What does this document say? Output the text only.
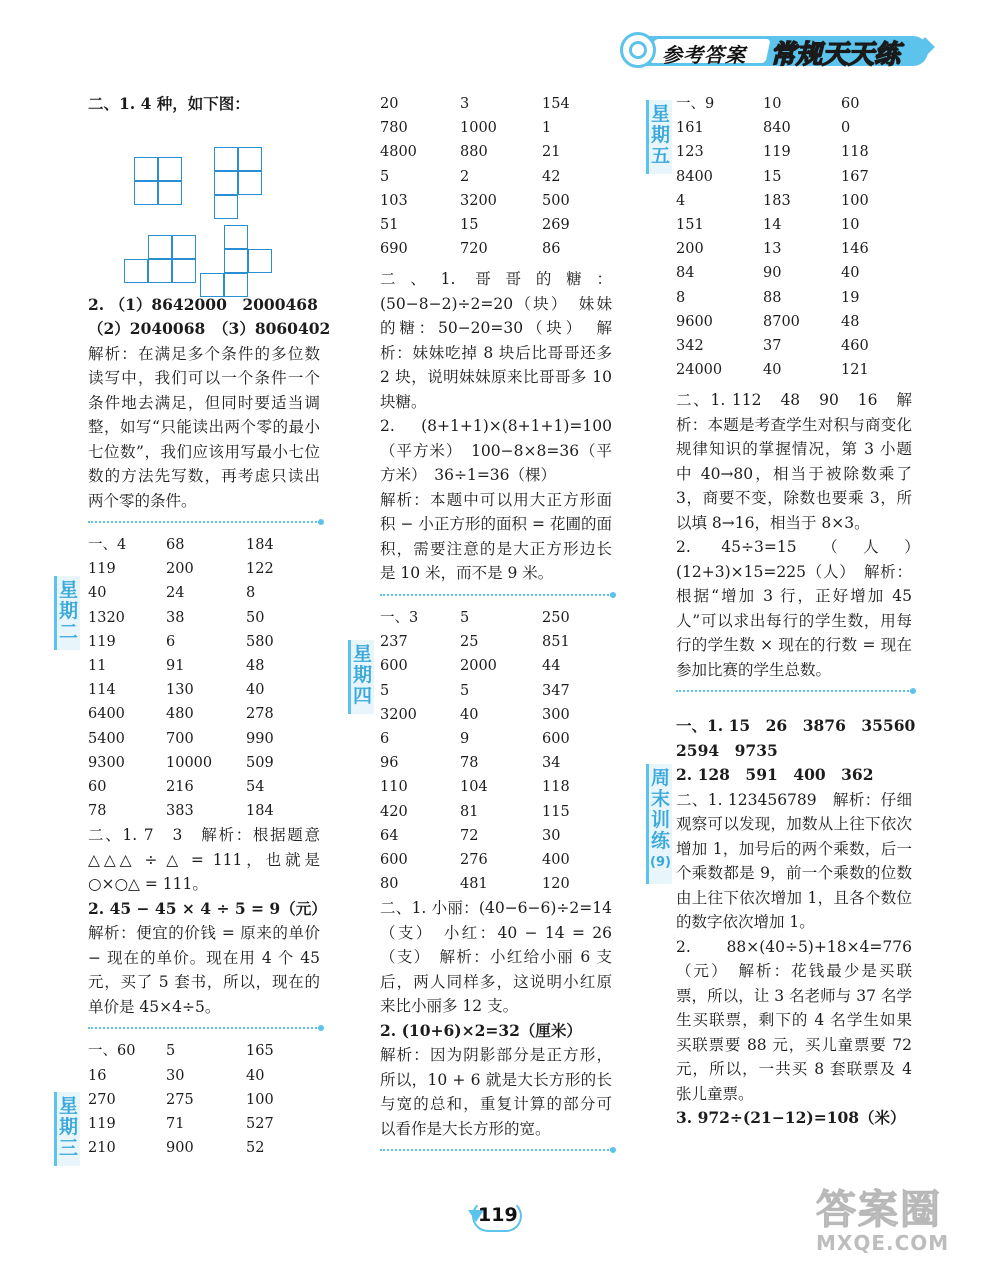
参考答案 常规天天练
二、1. 4 种，如下图：
2. （1）8642000　2000468
（2）2040068　（3）8060402
解析：在满足多个条件的多位数读写中，我们可以一个条件一个条件地去满足，但同时要适当调整，如写“只能读出两个零的最小七位数”，我们应该用写最小七位数的方法先写数，再考虑只读出两个零的条件。
一、4	68	184
119	200	122
40	24	8
1320	38	50
119	6	580
11	91	48
114	130	40
6400	480	278
5400	700	990
9300	10000	509
60	216	54
78	383	184
二、1. 7　3　解析：根据题意△△△ ÷ △ = 111，也就是○×○△ = 111。
2. 45 − 45 × 4 ÷ 5 = 9（元）
解析：便宜的价钱 = 原来的单价 − 现在的单价。现在用 4 个 45 元，买了 5 套书，所以，现在的单价是 45×4÷5。
一、60	5	165
16	30	40
270	275	100
119	71	527
210	900	52
星
期
二
星
期
三
20	3	154
780	1000	1
4800	880	21
5	2	42
103	3200	500
51	15	269
690	720	86
二、1. 哥哥的糖：(50−8−2)÷2=20（块）　妹妹的糖：50−20=30（块）　解析：妹妹吃掉 8 块后比哥哥还多 2 块，说明妹妹原来比哥哥多 10 块糖。
2. (8+1+1)×(8+1+1)=100（平方米）　100−8×8=36（平方米）　36÷1=36（棵）
解析：本题中可以用大正方形面积 − 小正方形的面积 = 花圃的面积，需要注意的是大正方形边长是 10 米，而不是 9 米。
一、3	5	250
237	25	851
600	2000	44
5	5	347
3200	40	300
6	9	600
96	78	34
110	104	118
420	81	115
64	72	30
600	276	400
80	481	120
二、1. 小丽：(40−6−6)÷2=14（支）　小红：40 − 14 = 26（支）　解析：小红给小丽 6 支后，两人同样多，这说明小红原来比小丽多 12 支。
2. (10+6)×2=32（厘米）
解析：因为阴影部分是正方形，所以，10 + 6 就是大长方形的长与宽的总和，重复计算的部分可以看作是大长方形的宽。
星
期
四
一、9	10	60
161	840	0
123	119	118
8400	15	167
4	183	100
151	14	10
200	13	146
84	90	40
8	88	19
9600	8700	48
342	37	460
24000	40	121
二、1. 112　48　90　16　解析：本题是考查学生对积与商变化规律知识的掌握情况，第 3 小题中 40→80，相当于被除数乘了 3，商要不变，除数也要乘 3，所以填 8→16，相当于 8×3。
2. 45÷3=15（人）　(12+3)×15=225（人）　解析：根据“增加 3 行，正好增加 45 人”可以求出每行的学生数，用每行的学生数 × 现在的行数 = 现在参加比赛的学生总数。
一、1. 15　26　3876　35560
2594　9735
2. 128　591　400　362
二、1. 123456789　解析：仔细观察可以发现，加数从上往下依次增加 1，加号后的两个乘数，后一个乘数都是 9，前一个乘数的位数由上往下依次增加 1，且各个数位的数字依次增加 1。
2. 88×(40÷5)+18×4=776（元）　解析：花钱最少是买联票，所以，让 3 名老师与 37 名学生买联票，剩下的 4 名学生如果买联票要 88 元，买儿童票要 72 元，所以，一共买 8 套联票及 4 张儿童票。
3. 972÷(21−12)=108（米）
星
期
五
周
末
训
练
(9)
119	答案圈
MXQE.COM
